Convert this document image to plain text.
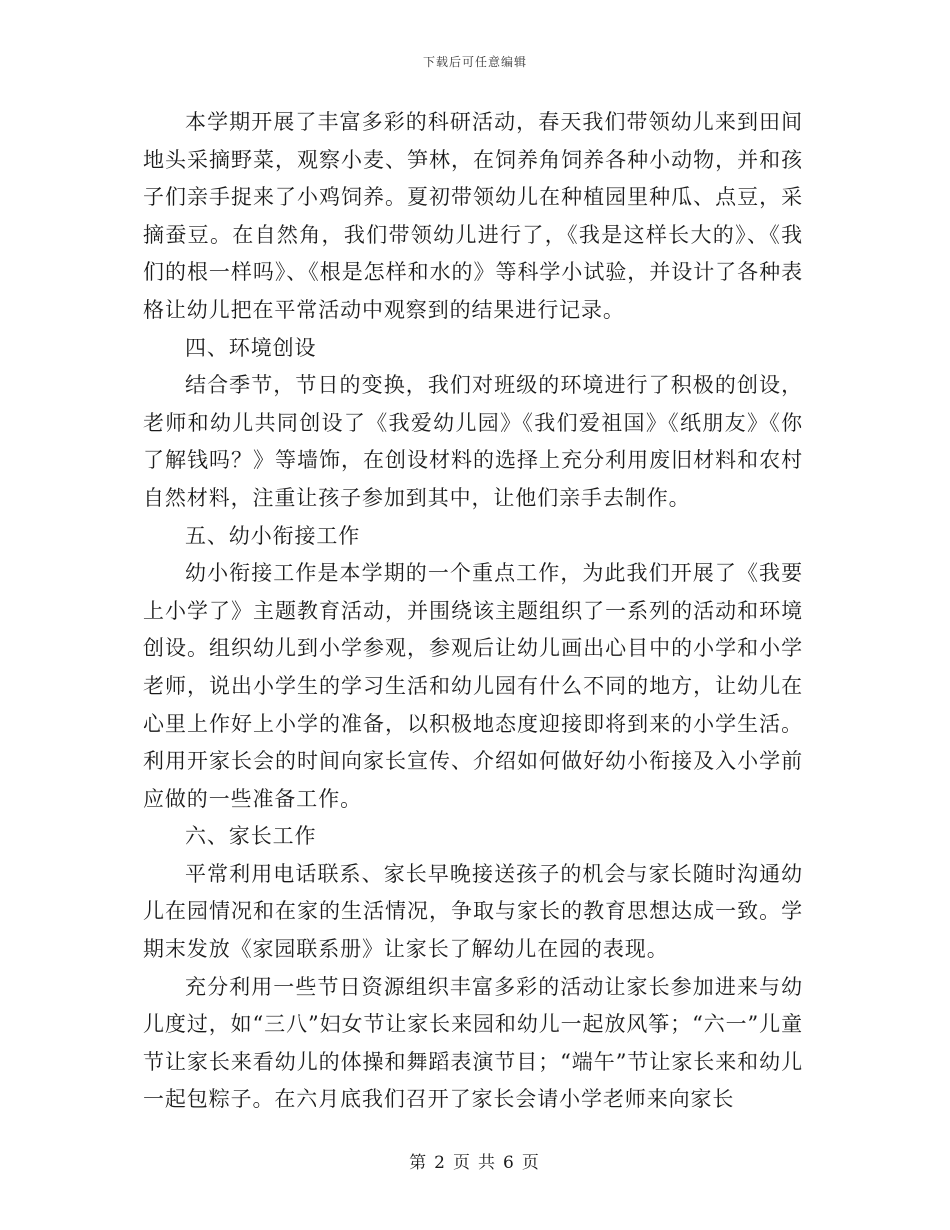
下载后可任意编辑

本学期开展了丰富多彩的科研活动，春天我们带领幼儿来到田间地头采摘野菜，观察小麦、笋林，在饲养角饲养各种小动物，并和孩子们亲手捉来了小鸡饲养。夏初带领幼儿在种植园里种瓜、点豆，采摘蚕豆。在自然角，我们带领幼儿进行了，《我是这样长大的》、《我们的根一样吗》、《根是怎样和水的》等科学小试验，并设计了各种表格让幼儿把在平常活动中观察到的结果进行记录。

四、环境创设

结合季节，节日的变换，我们对班级的环境进行了积极的创设，老师和幼儿共同创设了《我爱幼儿园》《我们爱祖国》《纸朋友》《你了解钱吗？》等墙饰，在创设材料的选择上充分利用废旧材料和农村自然材料，注重让孩子参加到其中，让他们亲手去制作。

五、幼小衔接工作

幼小衔接工作是本学期的一个重点工作，为此我们开展了《我要上小学了》主题教育活动，并围绕该主题组织了一系列的活动和环境创设。组织幼儿到小学参观，参观后让幼儿画出心目中的小学和小学老师，说出小学生的学习生活和幼儿园有什么不同的地方，让幼儿在心里上作好上小学的准备，以积极地态度迎接即将到来的小学生活。利用开家长会的时间向家长宣传、介绍如何做好幼小衔接及入小学前应做的一些准备工作。

六、家长工作

平常利用电话联系、家长早晚接送孩子的机会与家长随时沟通幼儿在园情况和在家的生活情况，争取与家长的教育思想达成一致。学期末发放《家园联系册》让家长了解幼儿在园的表现。

充分利用一些节日资源组织丰富多彩的活动让家长参加进来与幼儿度过，如“三八”妇女节让家长来园和幼儿一起放风筝；“六一”儿童节让家长来看幼儿的体操和舞蹈表演节目；“端午”节让家长来和幼儿一起包粽子。在六月底我们召开了家长会请小学老师来向家长

第 2 页 共 6 页
